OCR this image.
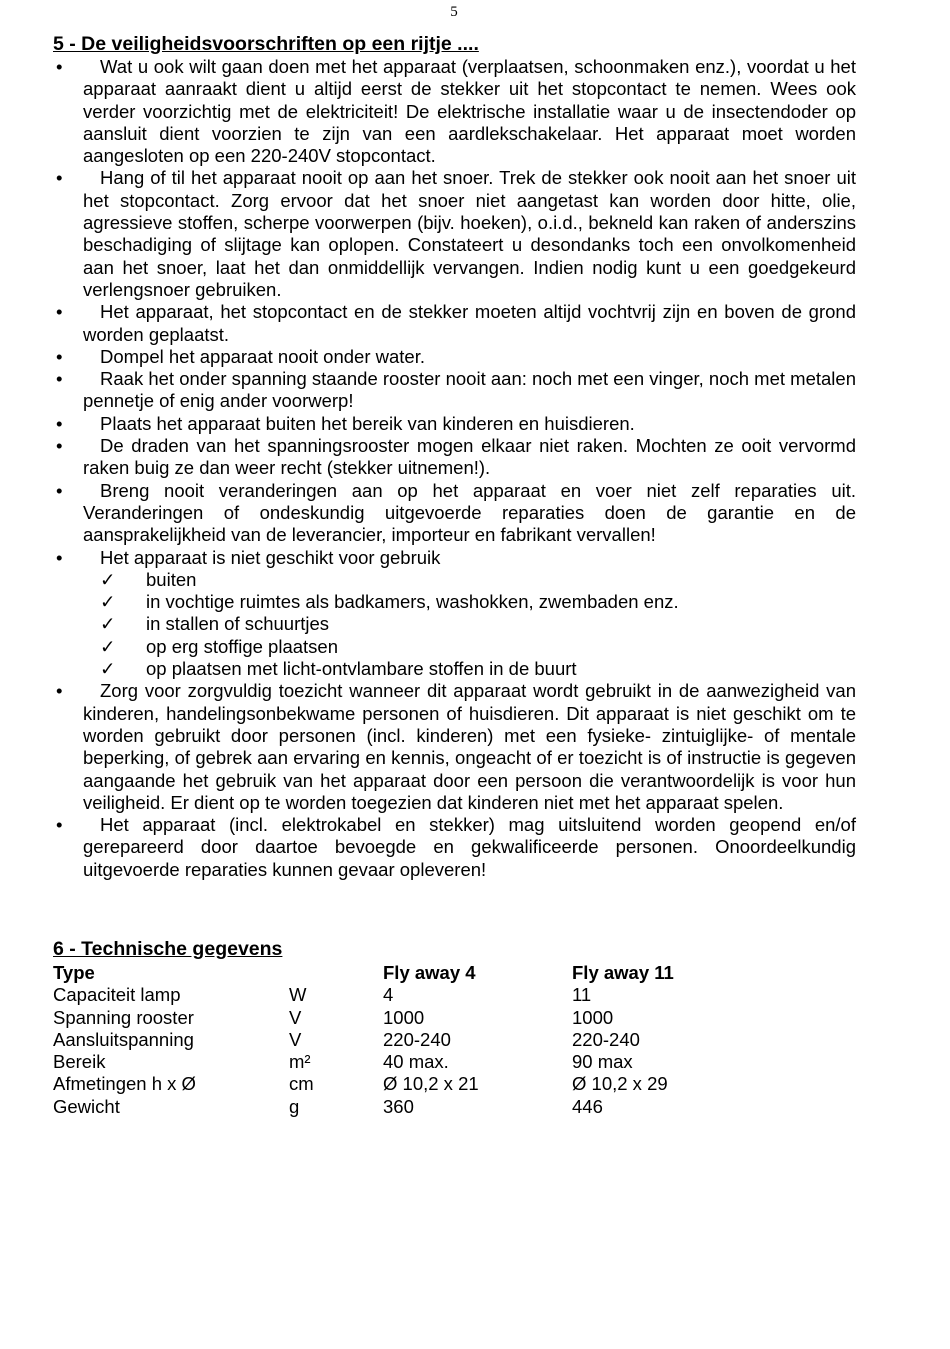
5
5 - De veiligheidsvoorschriften op een rijtje ....
• Wat u ook wilt gaan doen met het apparaat (verplaatsen, schoonmaken enz.), voordat u het apparaat aanraakt dient u altijd eerst de stekker uit het stopcontact te nemen. Wees ook verder voorzichtig met de elektriciteit! De elektrische installatie waar u de insectendoder op aansluit dient voorzien te zijn van een aardlekschakelaar. Het apparaat moet worden aangesloten op een 220-240V stopcontact.
• Hang of til het apparaat nooit op aan het snoer. Trek de stekker ook nooit aan het snoer uit het stopcontact. Zorg ervoor dat het snoer niet aangetast kan worden door hitte, olie, agressieve stoffen, scherpe voorwerpen (bijv. hoeken), o.i.d., bekneld kan raken of anderszins beschadiging of slijtage kan oplopen. Constateert u desondanks toch een onvolkomenheid aan het snoer, laat het dan onmiddellijk vervangen. Indien nodig kunt u een goedgekeurd verlengsnoer gebruiken.
• Het apparaat, het stopcontact en de stekker moeten altijd vochtvrij zijn en boven de grond worden geplaatst.
• Dompel het apparaat nooit onder water.
• Raak het onder spanning staande rooster nooit aan: noch met een vinger, noch met metalen pennetje of enig ander voorwerp!
• Plaats het apparaat buiten het bereik van kinderen en huisdieren.
• De draden van het spanningsrooster mogen elkaar niet raken. Mochten ze ooit vervormd raken buig ze dan weer recht (stekker uitnemen!).
• Breng nooit veranderingen aan op het apparaat en voer niet zelf reparaties uit. Veranderingen of ondeskundig uitgevoerde reparaties doen de garantie en de aansprakelijkheid van de leverancier, importeur en fabrikant vervallen!
• Het apparaat is niet geschikt voor gebruik
✓ buiten
✓ in vochtige ruimtes als badkamers, washokken, zwembaden enz.
✓ in stallen of schuurtjes
✓ op erg stoffige plaatsen
✓ op plaatsen met licht-ontvlambare stoffen in de buurt
• Zorg voor zorgvuldig toezicht wanneer dit apparaat wordt gebruikt in de aanwezigheid van kinderen, handelingsonbekwame personen of huisdieren. Dit apparaat is niet geschikt om te worden gebruikt door personen (incl. kinderen) met een fysieke- zintuiglijke- of mentale beperking, of gebrek aan ervaring en kennis, ongeacht of er toezicht is of instructie is gegeven aangaande het gebruik van het apparaat door een persoon die verantwoordelijk is voor hun veiligheid. Er dient op te worden toegezien dat kinderen niet met het apparaat spelen.
• Het apparaat (incl. elektrokabel en stekker) mag uitsluitend worden geopend en/of gerepareerd door daartoe bevoegde en gekwalificeerde personen. Onoordeelkundig uitgevoerde reparaties kunnen gevaar opleveren!
6 - Technische gegevens
Type		Fly away 4	Fly away 11
Capaciteit lamp	W	4	11
Spanning rooster	V	1000	1000
Aansluitspanning	V	220-240	220-240
Bereik	m²	40 max.	90 max
Afmetingen h x Ø	cm	Ø 10,2 x 21	Ø 10,2 x 29
Gewicht	g	360	446
